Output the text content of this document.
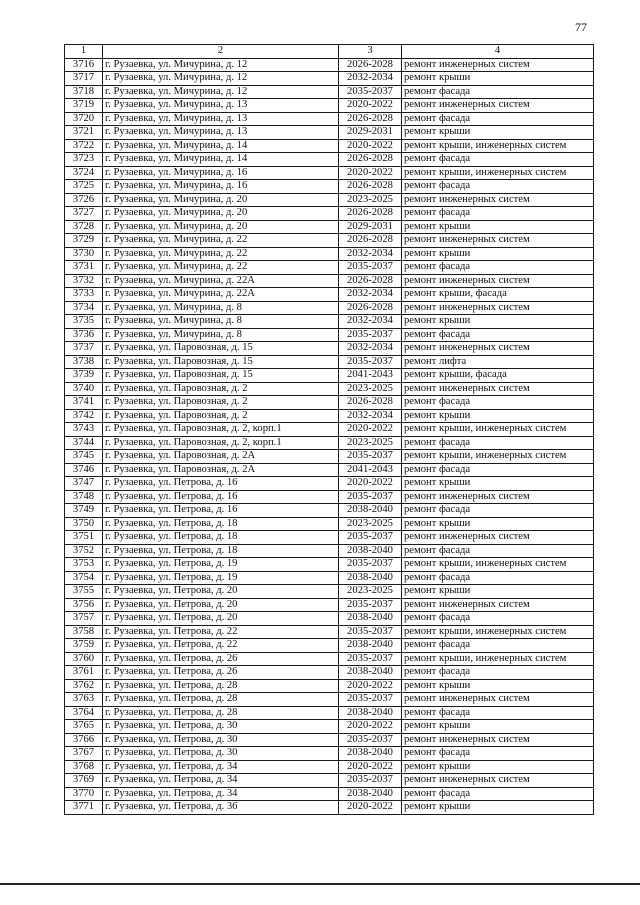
77
1	2	3	4
3716	г. Рузаевка, ул. Мичурина, д. 12	2026-2028	ремонт инженерных систем
3717	г. Рузаевка, ул. Мичурина, д. 12	2032-2034	ремонт крыши
3718	г. Рузаевка, ул. Мичурина, д. 12	2035-2037	ремонт фасада
3719	г. Рузаевка, ул. Мичурина, д. 13	2020-2022	ремонт инженерных систем
3720	г. Рузаевка, ул. Мичурина, д. 13	2026-2028	ремонт фасада
3721	г. Рузаевка, ул. Мичурина, д. 13	2029-2031	ремонт крыши
3722	г. Рузаевка, ул. Мичурина, д. 14	2020-2022	ремонт крыши, инженерных систем
3723	г. Рузаевка, ул. Мичурина, д. 14	2026-2028	ремонт фасада
3724	г. Рузаевка, ул. Мичурина, д. 16	2020-2022	ремонт крыши, инженерных систем
3725	г. Рузаевка, ул. Мичурина, д. 16	2026-2028	ремонт фасада
3726	г. Рузаевка, ул. Мичурина, д. 20	2023-2025	ремонт инженерных систем
3727	г. Рузаевка, ул. Мичурина, д. 20	2026-2028	ремонт фасада
3728	г. Рузаевка, ул. Мичурина, д. 20	2029-2031	ремонт крыши
3729	г. Рузаевка, ул. Мичурина, д. 22	2026-2028	ремонт инженерных систем
3730	г. Рузаевка, ул. Мичурина, д. 22	2032-2034	ремонт крыши
3731	г. Рузаевка, ул. Мичурина, д. 22	2035-2037	ремонт фасада
3732	г. Рузаевка, ул. Мичурина, д. 22А	2026-2028	ремонт инженерных систем
3733	г. Рузаевка, ул. Мичурина, д. 22А	2032-2034	ремонт крыши, фасада
3734	г. Рузаевка, ул. Мичурина, д. 8	2026-2028	ремонт инженерных систем
3735	г. Рузаевка, ул. Мичурина, д. 8	2032-2034	ремонт крыши
3736	г. Рузаевка, ул. Мичурина, д. 8	2035-2037	ремонт фасада
3737	г. Рузаевка, ул. Паровозная, д. 15	2032-2034	ремонт инженерных систем
3738	г. Рузаевка, ул. Паровозная, д. 15	2035-2037	ремонт лифта
3739	г. Рузаевка, ул. Паровозная, д. 15	2041-2043	ремонт крыши, фасада
3740	г. Рузаевка, ул. Паровозная, д. 2	2023-2025	ремонт инженерных систем
3741	г. Рузаевка, ул. Паровозная, д. 2	2026-2028	ремонт фасада
3742	г. Рузаевка, ул. Паровозная, д. 2	2032-2034	ремонт крыши
3743	г. Рузаевка, ул. Паровозная, д. 2, корп.1	2020-2022	ремонт крыши, инженерных систем
3744	г. Рузаевка, ул. Паровозная, д. 2, корп.1	2023-2025	ремонт фасада
3745	г. Рузаевка, ул. Паровозная, д. 2А	2035-2037	ремонт крыши, инженерных систем
3746	г. Рузаевка, ул. Паровозная, д. 2А	2041-2043	ремонт фасада
3747	г. Рузаевка, ул. Петрова, д. 16	2020-2022	ремонт крыши
3748	г. Рузаевка, ул. Петрова, д. 16	2035-2037	ремонт инженерных систем
3749	г. Рузаевка, ул. Петрова, д. 16	2038-2040	ремонт фасада
3750	г. Рузаевка, ул. Петрова, д. 18	2023-2025	ремонт крыши
3751	г. Рузаевка, ул. Петрова, д. 18	2035-2037	ремонт инженерных систем
3752	г. Рузаевка, ул. Петрова, д. 18	2038-2040	ремонт фасада
3753	г. Рузаевка, ул. Петрова, д. 19	2035-2037	ремонт крыши, инженерных систем
3754	г. Рузаевка, ул. Петрова, д. 19	2038-2040	ремонт фасада
3755	г. Рузаевка, ул. Петрова, д. 20	2023-2025	ремонт крыши
3756	г. Рузаевка, ул. Петрова, д. 20	2035-2037	ремонт инженерных систем
3757	г. Рузаевка, ул. Петрова, д. 20	2038-2040	ремонт фасада
3758	г. Рузаевка, ул. Петрова, д. 22	2035-2037	ремонт крыши, инженерных систем
3759	г. Рузаевка, ул. Петрова, д. 22	2038-2040	ремонт фасада
3760	г. Рузаевка, ул. Петрова, д. 26	2035-2037	ремонт крыши, инженерных систем
3761	г. Рузаевка, ул. Петрова, д. 26	2038-2040	ремонт фасада
3762	г. Рузаевка, ул. Петрова, д. 28	2020-2022	ремонт крыши
3763	г. Рузаевка, ул. Петрова, д. 28	2035-2037	ремонт инженерных систем
3764	г. Рузаевка, ул. Петрова, д. 28	2038-2040	ремонт фасада
3765	г. Рузаевка, ул. Петрова, д. 30	2020-2022	ремонт крыши
3766	г. Рузаевка, ул. Петрова, д. 30	2035-2037	ремонт инженерных систем
3767	г. Рузаевка, ул. Петрова, д. 30	2038-2040	ремонт фасада
3768	г. Рузаевка, ул. Петрова, д. 34	2020-2022	ремонт крыши
3769	г. Рузаевка, ул. Петрова, д. 34	2035-2037	ремонт инженерных систем
3770	г. Рузаевка, ул. Петрова, д. 34	2038-2040	ремонт фасада
3771	г. Рузаевка, ул. Петрова, д. 36	2020-2022	ремонт крыши
